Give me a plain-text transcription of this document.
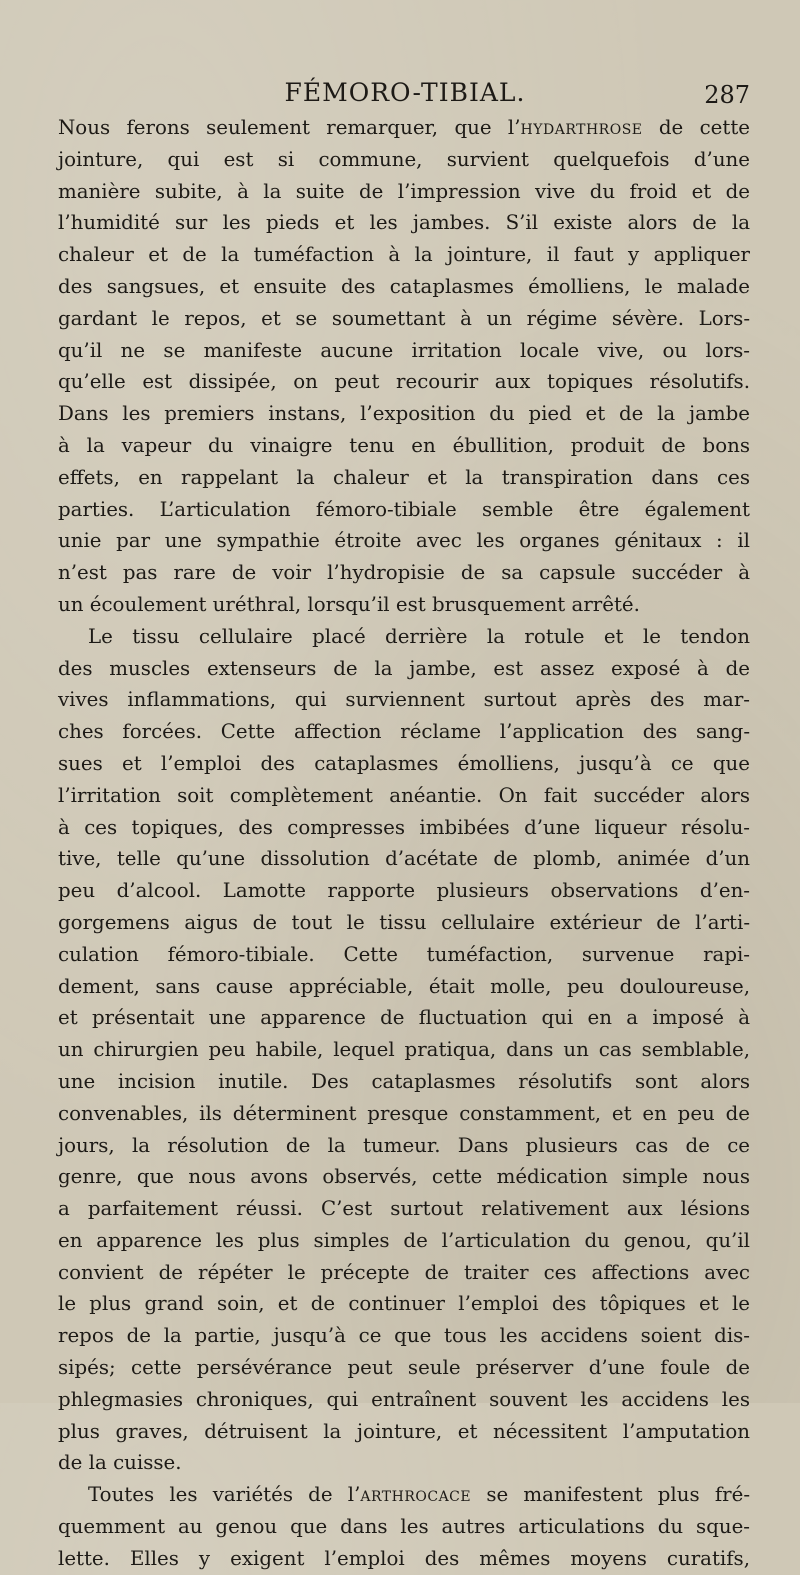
FÉMORO-TIBIAL.	287
Nous ferons seulement remarquer, que l’hydarthrose de cette
jointure, qui est si commune, survient quelquefois d’une
manière subite, à la suite de l’impression vive du froid et de
l’humidité sur les pieds et les jambes. S’il existe alors de la
chaleur et de la tuméfaction à la jointure, il faut y appliquer
des sangsues, et ensuite des cataplasmes émolliens, le malade
gardant le repos, et se soumettant à un régime sévère. Lors-
qu’il ne se manifeste aucune irritation locale vive, ou lors-
qu’elle est dissipée, on peut recourir aux topiques résolutifs.
Dans les premiers instans, l’exposition du pied et de la jambe
à la vapeur du vinaigre tenu en ébullition, produit de bons
effets, en rappelant la chaleur et la transpiration dans ces
parties. L’articulation fémoro-tibiale semble être également
unie par une sympathie étroite avec les organes génitaux : il
n’est pas rare de voir l’hydropisie de sa capsule succéder à
un écoulement uréthral, lorsqu’il est brusquement arrêté.
Le tissu cellulaire placé derrière la rotule et le tendon
des muscles extenseurs de la jambe, est assez exposé à de
vives inflammations, qui surviennent surtout après des mar-
ches forcées. Cette affection réclame l’application des sang-
sues et l’emploi des cataplasmes émolliens, jusqu’à ce que
l’irritation soit complètement anéantie. On fait succéder alors
à ces topiques, des compresses imbibées d’une liqueur résolu-
tive, telle qu’une dissolution d’acétate de plomb, animée d’un
peu d’alcool. Lamotte rapporte plusieurs observations d’en-
gorgemens aigus de tout le tissu cellulaire extérieur de l’arti-
culation fémoro-tibiale. Cette tuméfaction, survenue rapi-
dement, sans cause appréciable, était molle, peu douloureuse,
et présentait une apparence de fluctuation qui en a imposé à
un chirurgien peu habile, lequel pratiqua, dans un cas semblable,
une incision inutile. Des cataplasmes résolutifs sont alors
convenables, ils déterminent presque constamment, et en peu de
jours, la résolution de la tumeur. Dans plusieurs cas de ce
genre, que nous avons observés, cette médication simple nous
a parfaitement réussi. C’est surtout relativement aux lésions
en apparence les plus simples de l’articulation du genou, qu’il
convient de répéter le précepte de traiter ces affections avec
le plus grand soin, et de continuer l’emploi des tôpiques et le
repos de la partie, jusqu’à ce que tous les accidens soient dis-
sipés; cette persévérance peut seule préserver d’une foule de
phlegmasies chroniques, qui entraînent souvent les accidens les
plus graves, détruisent la jointure, et nécessitent l’amputation
de la cuisse.
Toutes les variétés de l’arthrocace se manifestent plus fré-
quemment au genou que dans les autres articulations du sque-
lette. Elles y exigent l’emploi des mêmes moyens curatifs,
